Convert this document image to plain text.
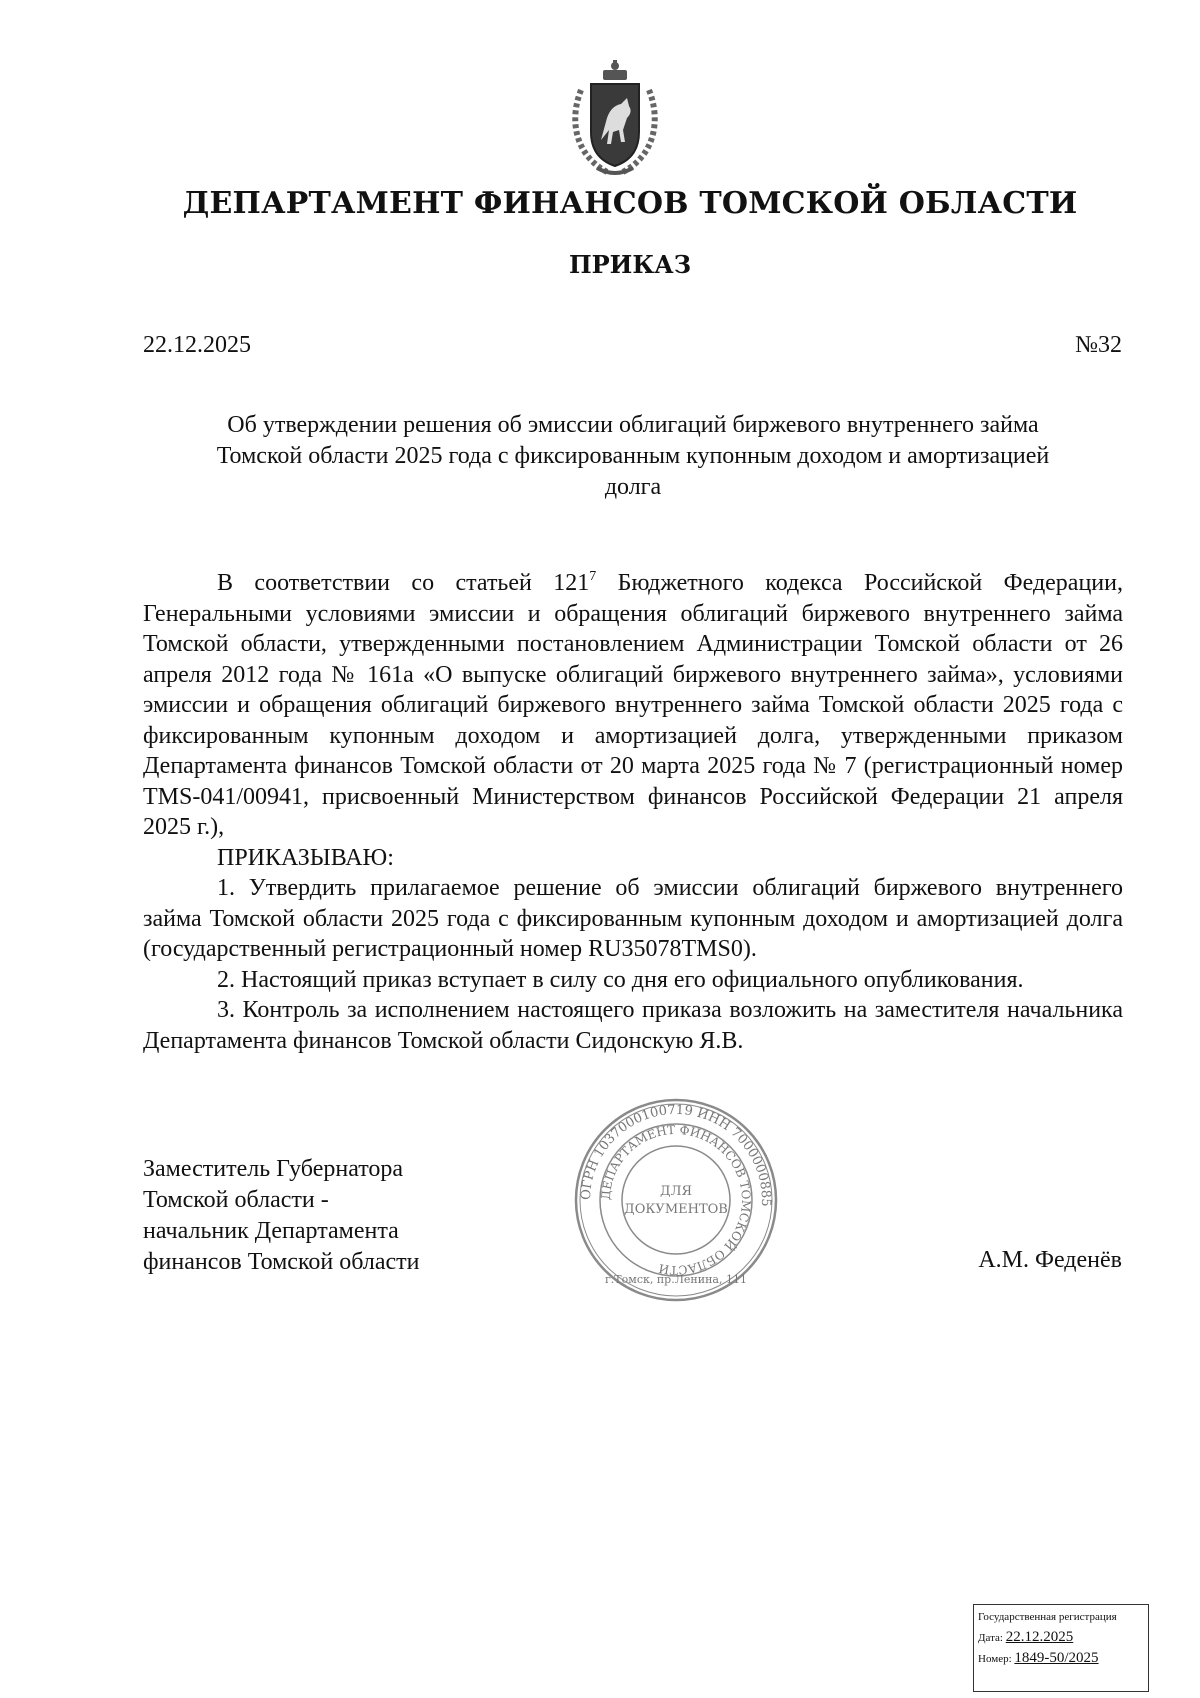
ДЕПАРТАМЕНТ ФИНАНСОВ ТОМСКОЙ ОБЛАСТИ
ПРИКАЗ
22.12.2025	№32
Об утверждении решения об эмиссии облигаций биржевого внутреннего займа
Томской области 2025 года с фиксированным купонным доходом и амортизацией
долга

В соответствии со статьей $121^7$ Бюджетного кодекса Российской Федерации, Генеральными условиями эмиссии и обращения облигаций биржевого внутреннего займа Томской области, утвержденными постановлением Администрации Томской области от 26 апреля 2012 года № 161а «О выпуске облигаций биржевого внутреннего займа», условиями эмиссии и обращения облигаций биржевого внутреннего займа Томской области 2025 года с фиксированным купонным доходом и амортизацией долга, утвержденными приказом Департамента финансов Томской области от 20 марта 2025 года № 7 (регистрационный номер TMS-041/00941, присвоенный Министерством финансов Российской Федерации 21 апреля 2025 г.),

ПРИКАЗЫВАЮ:

1. Утвердить прилагаемое решение об эмиссии облигаций биржевого внутреннего займа Томской области 2025 года с фиксированным купонным доходом и амортизацией долга (государственный регистрационный номер RU35078TMS0).

2. Настоящий приказ вступает в силу со дня его официального опубликования.

3. Контроль за исполнением настоящего приказа возложить на заместителя начальника Департамента финансов Томской области Сидонскую Я.В.

Заместитель Губернатора
Томской области -
начальник Департамента
финансов Томской области	А.М. Феденёв
ОГРН 1037000100719 ИНН 7000000885
ДЕПАРТАМЕНТ ФИНАНСОВ ТОМСКОЙ ОБЛАСТИ
г.Томск, пр.Ленина, 111
ДЛЯ
ДОКУМЕНТОВ
Государственная регистрация
Дата: 22.12.2025
Номер: 1849-50/2025
